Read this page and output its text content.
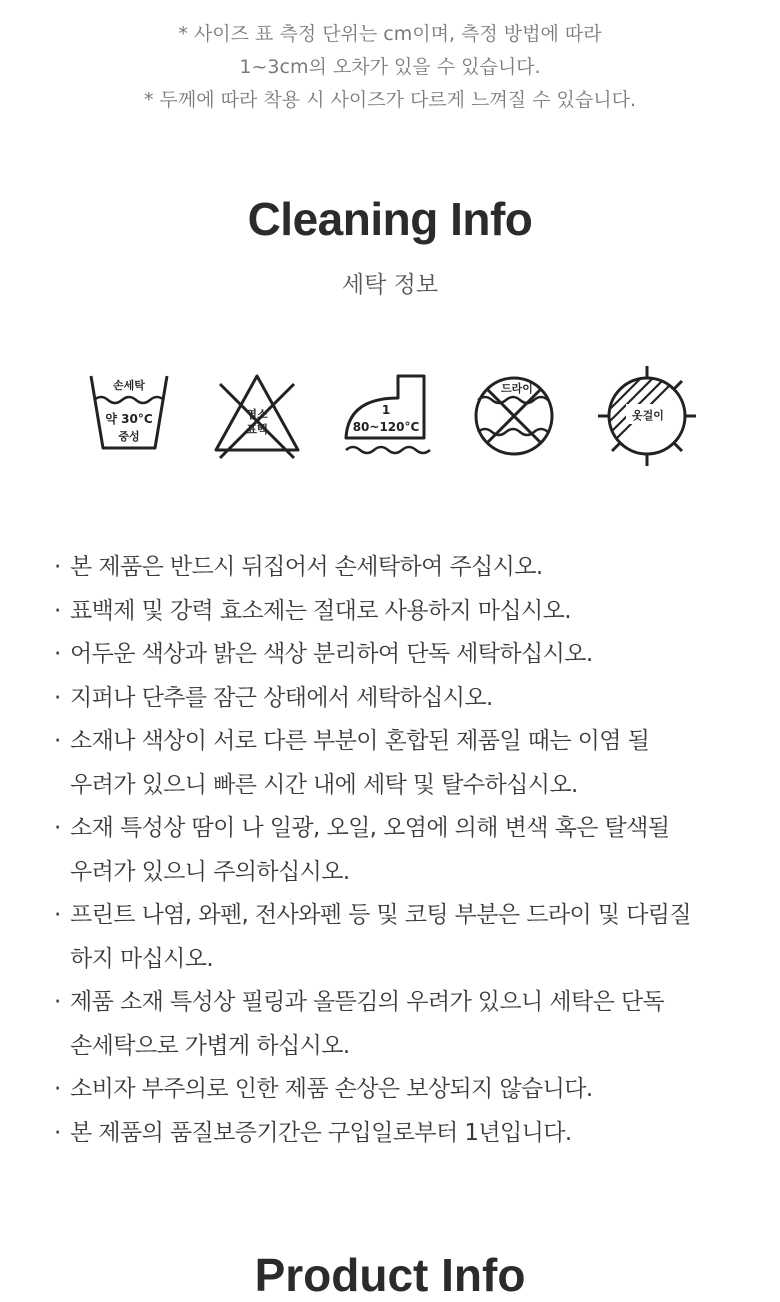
* 사이즈 표 측정 단위는 cm이며, 측정 방법에 따라
1~3cm의 오차가 있을 수 있습니다.
* 두께에 따라 착용 시 사이즈가 다르게 느껴질 수 있습니다.
Cleaning Info
세탁 정보
손세탁
약 30°C
중성
염소
표백
1
80~120°C
드라이
옷걸이
· 본 제품은 반드시 뒤집어서 손세탁하여 주십시오.
· 표백제 및 강력 효소제는 절대로 사용하지 마십시오.
· 어두운 색상과 밝은 색상 분리하여 단독 세탁하십시오.
· 지퍼나 단추를 잠근 상태에서 세탁하십시오.
· 소재나 색상이 서로 다른 부분이 혼합된 제품일 때는 이염 될
우려가 있으니 빠른 시간 내에 세탁 및 탈수하십시오.
· 소재 특성상 땀이 나 일광, 오일, 오염에 의해 변색 혹은 탈색될
우려가 있으니 주의하십시오.
· 프린트 나염, 와펜, 전사와펜 등 및 코팅 부분은 드라이 및 다림질
하지 마십시오.
· 제품 소재 특성상 필링과 올뜯김의 우려가 있으니 세탁은 단독
손세탁으로 가볍게 하십시오.
· 소비자 부주의로 인한 제품 손상은 보상되지 않습니다.
· 본 제품의 품질보증기간은 구입일로부터 1년입니다.
Product Info
